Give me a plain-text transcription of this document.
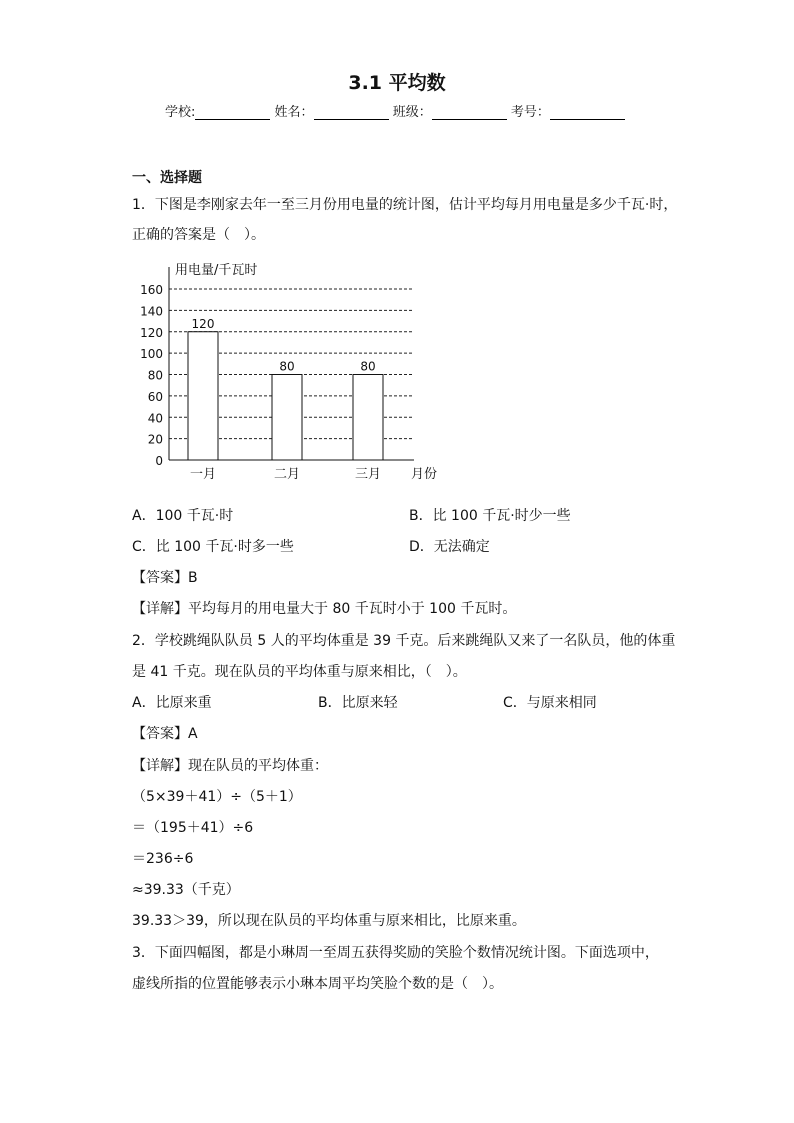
3.1 平均数
学校:	姓名：	班级：	考号：
一、选择题
1．下图是李刚家去年一至三月份用电量的统计图，估计平均每月用电量是多少千瓦·时，
正确的答案是（　）。
0
20
40
60
80
100
120
140
160
用电量/千瓦时
120
一月
80
二月
80
三月 月份
A．100 千瓦·时	B．比 100 千瓦·时少一些
C．比 100 千瓦·时多一些	D．无法确定
【答案】B
【详解】平均每月的用电量大于 80 千瓦时小于 100 千瓦时。
2．学校跳绳队队员 5 人的平均体重是 39 千克。后来跳绳队又来了一名队员，他的体重
是 41 千克。现在队员的平均体重与原来相比，（　）。
A．比原来重	B．比原来轻	C．与原来相同
【答案】A
【详解】现在队员的平均体重：
（5×39＋41）÷（5＋1）
＝（195＋41）÷6
＝236÷6
≈39.33（千克）
39.33＞39，所以现在队员的平均体重与原来相比，比原来重。
3．下面四幅图，都是小琳周一至周五获得奖励的笑脸个数情况统计图。下面选项中，
虚线所指的位置能够表示小琳本周平均笑脸个数的是（　）。
